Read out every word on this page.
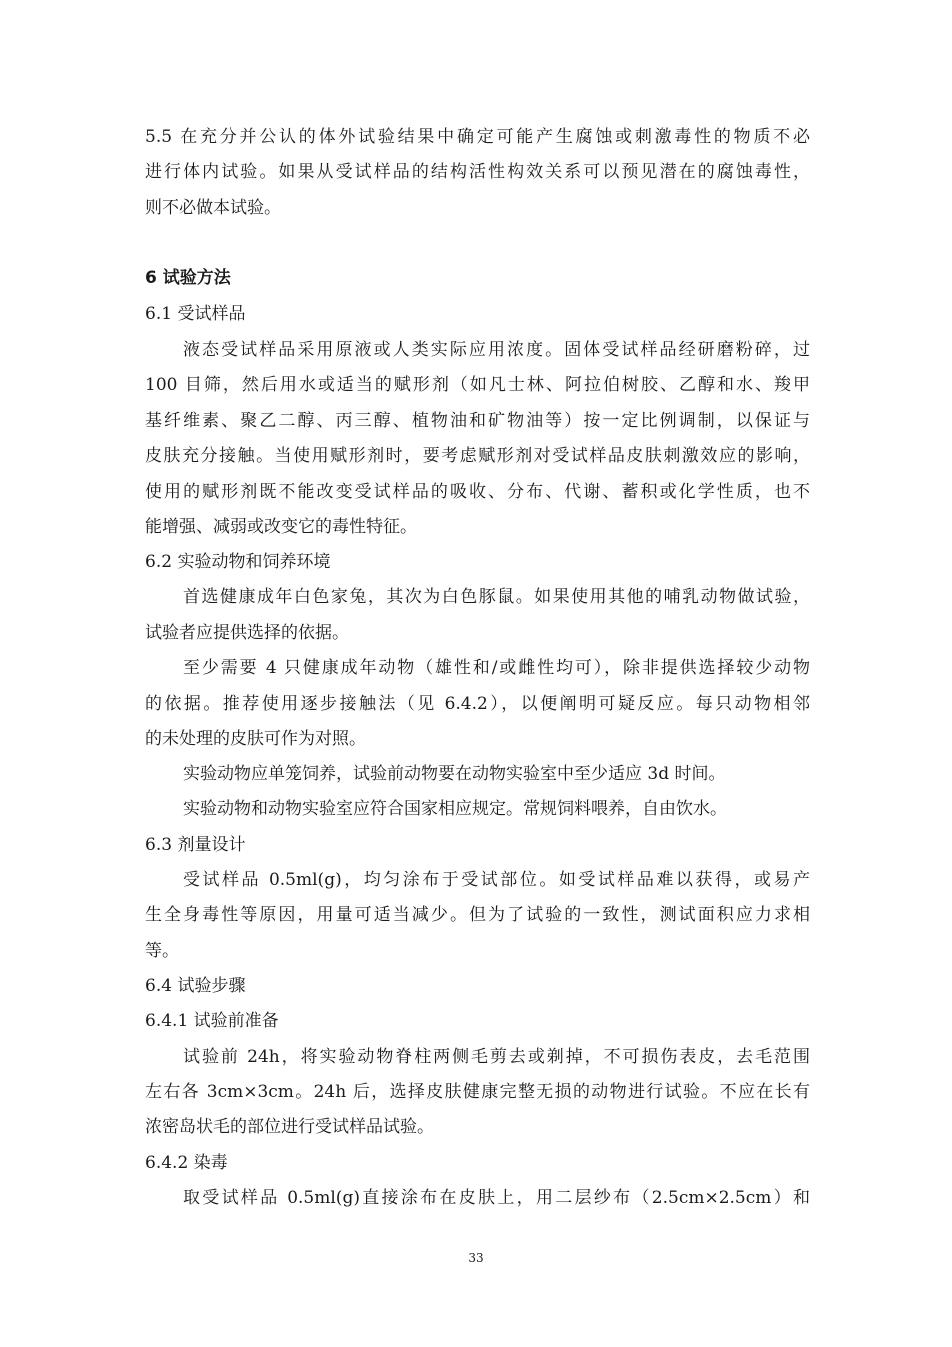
5.5 在充分并公认的体外试验结果中确定可能产生腐蚀或刺激毒性的物质不必
进行体内试验。如果从受试样品的结构活性构效关系可以预见潜在的腐蚀毒性，
则不必做本试验。
6 试验方法
6.1 受试样品
液态受试样品采用原液或人类实际应用浓度。固体受试样品经研磨粉碎，过
100 目筛，然后用水或适当的赋形剂（如凡士林、阿拉伯树胶、乙醇和水、羧甲
基纤维素、聚乙二醇、丙三醇、植物油和矿物油等）按一定比例调制，以保证与
皮肤充分接触。当使用赋形剂时，要考虑赋形剂对受试样品皮肤刺激效应的影响，
使用的赋形剂既不能改变受试样品的吸收、分布、代谢、蓄积或化学性质，也不
能增强、减弱或改变它的毒性特征。
6.2 实验动物和饲养环境
首选健康成年白色家兔，其次为白色豚鼠。如果使用其他的哺乳动物做试验，
试验者应提供选择的依据。
至少需要 4 只健康成年动物（雄性和/或雌性均可），除非提供选择较少动物
的依据。推荐使用逐步接触法（见 6.4.2），以便阐明可疑反应。每只动物相邻
的未处理的皮肤可作为对照。
实验动物应单笼饲养，试验前动物要在动物实验室中至少适应 3d 时间。
实验动物和动物实验室应符合国家相应规定。常规饲料喂养，自由饮水。
6.3 剂量设计
受试样品 0.5ml(g)，均匀涂布于受试部位。如受试样品难以获得，或易产
生全身毒性等原因，用量可适当减少。但为了试验的一致性，测试面积应力求相
等。
6.4 试验步骤
6.4.1 试验前准备
试验前 24h，将实验动物脊柱两侧毛剪去或剃掉，不可损伤表皮，去毛范围
左右各 3cm×3cm。24h 后，选择皮肤健康完整无损的动物进行试验。不应在长有
浓密岛状毛的部位进行受试样品试验。
6.4.2 染毒
取受试样品 0.5ml(g)直接涂布在皮肤上，用二层纱布（2.5cm×2.5cm）和
33
